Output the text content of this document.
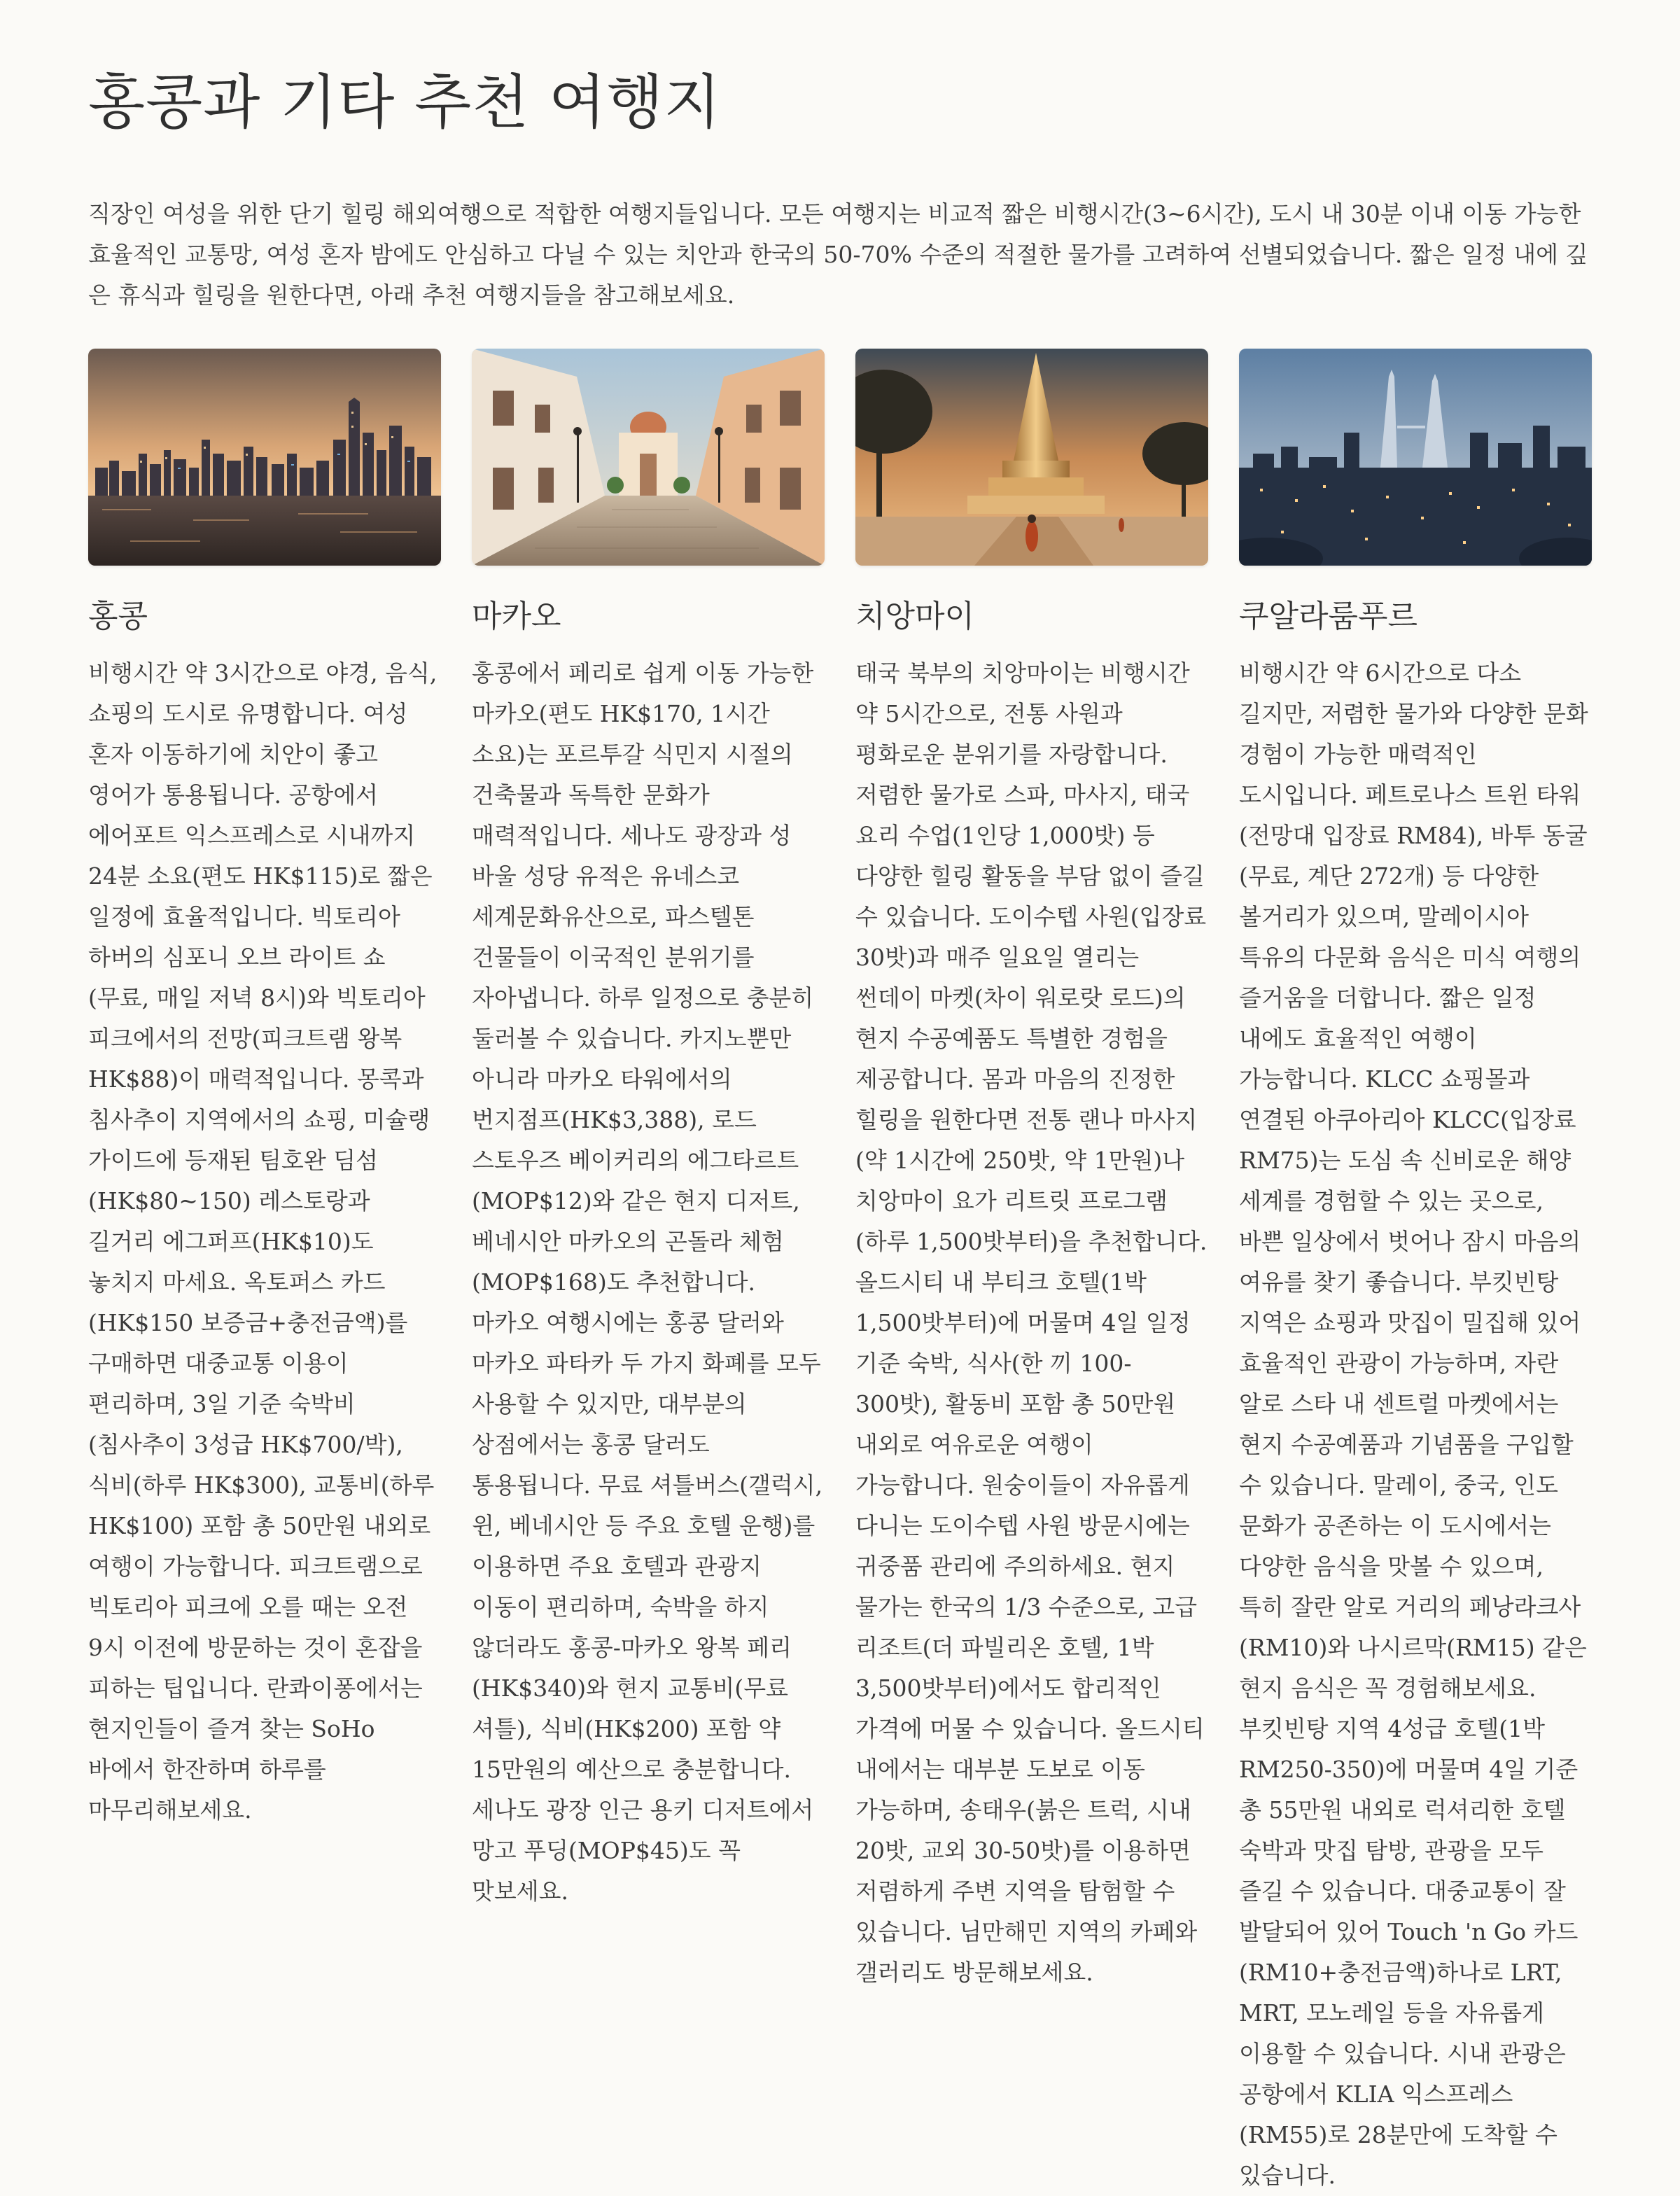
홍콩과 기타 추천 여행지

직장인 여성을 위한 단기 힐링 해외여행으로 적합한 여행지들입니다. 모든 여행지는 비교적 짧은 비행시간(3~6시간), 도시 내 30분 이내 이동 가능한 효율적인 교통망, 여성 혼자 밤에도 안심하고 다닐 수 있는 치안과 한국의 50-70% 수준의 적절한 물가를 고려하여 선별되었습니다. 짧은 일정 내에 깊은 휴식과 힐링을 원한다면, 아래 추천 여행지들을 참고해보세요.

홍콩

비행시간 약 3시간으로 야경, 음식, 쇼핑의 도시로 유명합니다. 여성 혼자 이동하기에 치안이 좋고 영어가 통용됩니다. 공항에서 에어포트 익스프레스로 시내까지 24분 소요(편도 HK$115)로 짧은 일정에 효율적입니다. 빅토리아 하버의 심포니 오브 라이트 쇼(무료, 매일 저녁 8시)와 빅토리아 피크에서의 전망(피크트램 왕복 HK$88)이 매력적입니다. 몽콕과 침사추이 지역에서의 쇼핑, 미슐랭 가이드에 등재된 팀호완 딤섬(HK$80~150) 레스토랑과 길거리 에그퍼프(HK$10)도 놓치지 마세요. 옥토퍼스 카드(HK$150 보증금+충전금액)를 구매하면 대중교통 이용이 편리하며, 3일 기준 숙박비(침사추이 3성급 HK$700/박), 식비(하루 HK$300), 교통비(하루 HK$100) 포함 총 50만원 내외로 여행이 가능합니다. 피크트램으로 빅토리아 피크에 오를 때는 오전 9시 이전에 방문하는 것이 혼잡을 피하는 팁입니다. 란콰이퐁에서는 현지인들이 즐겨 찾는 SoHo 바에서 한잔하며 하루를 마무리해보세요.

마카오

홍콩에서 페리로 쉽게 이동 가능한 마카오(편도 HK$170, 1시간 소요)는 포르투갈 식민지 시절의 건축물과 독특한 문화가 매력적입니다. 세나도 광장과 성 바울 성당 유적은 유네스코 세계문화유산으로, 파스텔톤 건물들이 이국적인 분위기를 자아냅니다. 하루 일정으로 충분히 둘러볼 수 있습니다. 카지노뿐만 아니라 마카오 타워에서의 번지점프(HK$3,388), 로드 스토우즈 베이커리의 에그타르트(MOP$12)와 같은 현지 디저트, 베네시안 마카오의 곤돌라 체험(MOP$168)도 추천합니다. 마카오 여행시에는 홍콩 달러와 마카오 파타카 두 가지 화폐를 모두 사용할 수 있지만, 대부분의 상점에서는 홍콩 달러도 통용됩니다. 무료 셔틀버스(갤럭시, 윈, 베네시안 등 주요 호텔 운행)를 이용하면 주요 호텔과 관광지 이동이 편리하며, 숙박을 하지 않더라도 홍콩-마카오 왕복 페리(HK$340)와 현지 교통비(무료 셔틀), 식비(HK$200) 포함 약 15만원의 예산으로 충분합니다. 세나도 광장 인근 용키 디저트에서 망고 푸딩(MOP$45)도 꼭 맛보세요.

치앙마이

태국 북부의 치앙마이는 비행시간 약 5시간으로, 전통 사원과 평화로운 분위기를 자랑합니다. 저렴한 물가로 스파, 마사지, 태국 요리 수업(1인당 1,000밧) 등 다양한 힐링 활동을 부담 없이 즐길 수 있습니다. 도이수텝 사원(입장료 30밧)과 매주 일요일 열리는 썬데이 마켓(차이 워로랏 로드)의 현지 수공예품도 특별한 경험을 제공합니다. 몸과 마음의 진정한 힐링을 원한다면 전통 랜나 마사지(약 1시간에 250밧, 약 1만원)나 치앙마이 요가 리트릿 프로그램(하루 1,500밧부터)을 추천합니다. 올드시티 내 부티크 호텔(1박 1,500밧부터)에 머물며 4일 일정 기준 숙박, 식사(한 끼 100-300밧), 활동비 포함 총 50만원 내외로 여유로운 여행이 가능합니다. 원숭이들이 자유롭게 다니는 도이수텝 사원 방문시에는 귀중품 관리에 주의하세요. 현지 물가는 한국의 1/3 수준으로, 고급 리조트(더 파빌리온 호텔, 1박 3,500밧부터)에서도 합리적인 가격에 머물 수 있습니다. 올드시티 내에서는 대부분 도보로 이동 가능하며, 송태우(붉은 트럭, 시내 20밧, 교외 30-50밧)를 이용하면 저렴하게 주변 지역을 탐험할 수 있습니다. 님만해민 지역의 카페와 갤러리도 방문해보세요.

쿠알라룸푸르

비행시간 약 6시간으로 다소 길지만, 저렴한 물가와 다양한 문화 경험이 가능한 매력적인 도시입니다. 페트로나스 트윈 타워(전망대 입장료 RM84), 바투 동굴(무료, 계단 272개) 등 다양한 볼거리가 있으며, 말레이시아 특유의 다문화 음식은 미식 여행의 즐거움을 더합니다. 짧은 일정 내에도 효율적인 여행이 가능합니다. KLCC 쇼핑몰과 연결된 아쿠아리아 KLCC(입장료 RM75)는 도심 속 신비로운 해양 세계를 경험할 수 있는 곳으로, 바쁜 일상에서 벗어나 잠시 마음의 여유를 찾기 좋습니다. 부킷빈탕 지역은 쇼핑과 맛집이 밀집해 있어 효율적인 관광이 가능하며, 자란 알로 스타 내 센트럴 마켓에서는 현지 수공예품과 기념품을 구입할 수 있습니다. 말레이, 중국, 인도 문화가 공존하는 이 도시에서는 다양한 음식을 맛볼 수 있으며, 특히 잘란 알로 거리의 페낭라크사(RM10)와 나시르막(RM15) 같은 현지 음식은 꼭 경험해보세요. 부킷빈탕 지역 4성급 호텔(1박 RM250-350)에 머물며 4일 기준 총 55만원 내외로 럭셔리한 호텔 숙박과 맛집 탐방, 관광을 모두 즐길 수 있습니다. 대중교통이 잘 발달되어 있어 Touch 'n Go 카드(RM10+충전금액)하나로 LRT, MRT, 모노레일 등을 자유롭게 이용할 수 있습니다. 시내 관광은 공항에서 KLIA 익스프레스(RM55)로 28분만에 도착할 수 있습니다.
